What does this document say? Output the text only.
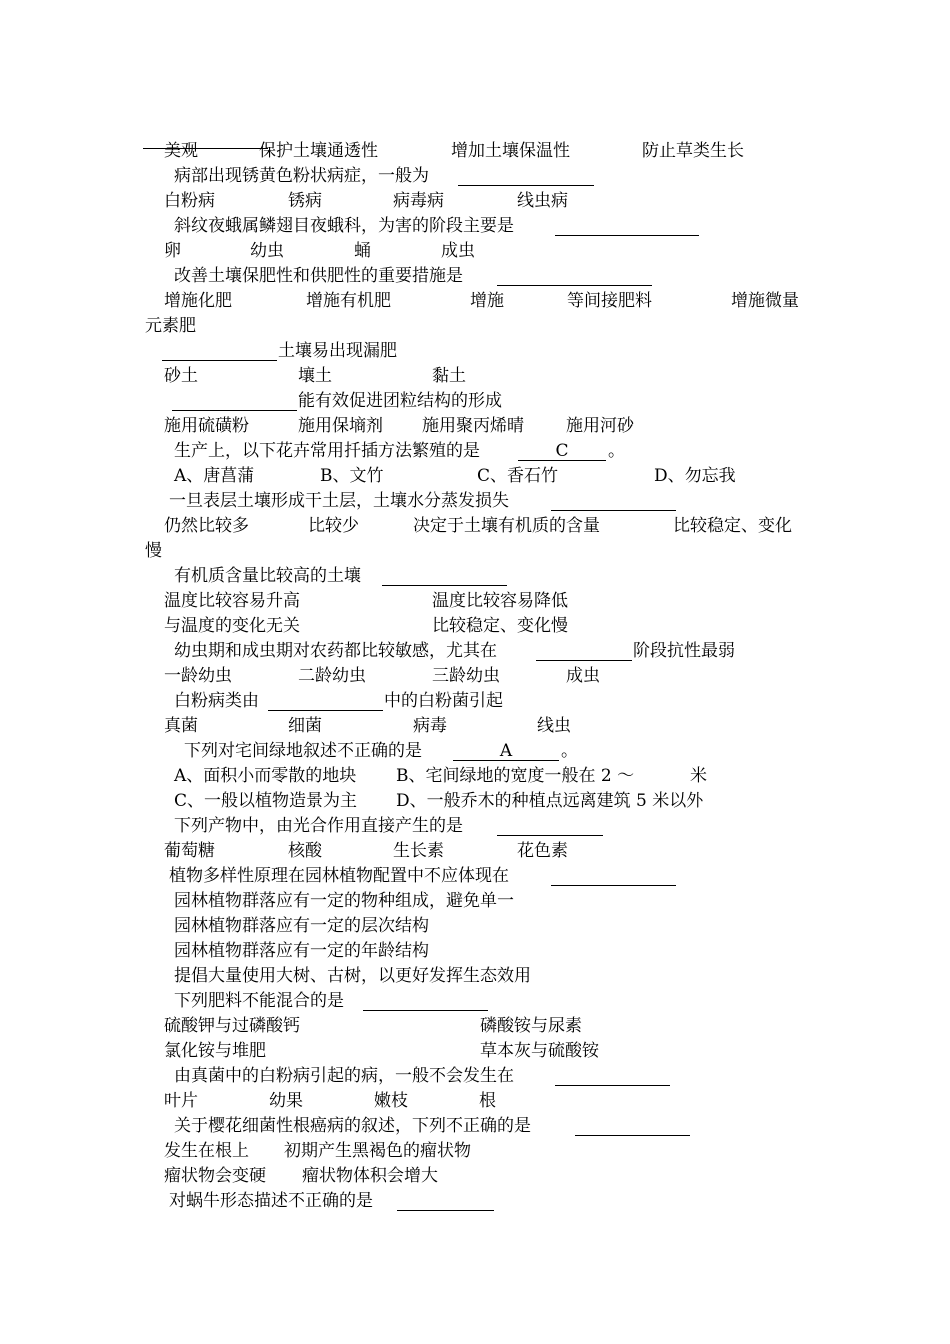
美观	保护土壤通透性	增加土壤保温性	防止草类生长
病部出现锈黄色粉状病症，一般为
白粉病	锈病	病毒病	线虫病
斜纹夜蛾属鳞翅目夜蛾科，为害的阶段主要是
卵	幼虫	蛹	成虫
改善土壤保肥性和供肥性的重要措施是
增施化肥	增施有机肥	增施	等间接肥料	增施微量
元素肥
土壤易出现漏肥
砂土	壤土	黏土
能有效促进团粒结构的形成
施用硫磺粉	施用保墒剂 施用聚丙烯晴 施用河砂
生产上，以下花卉常用扦插方法繁殖的是	C	。
A、唐菖蒲	B、文竹	C、香石竹	D、勿忘我
一旦表层土壤形成干土层，土壤水分蒸发损失
仍然比较多	比较少	决定于土壤有机质的含量	比较稳定、变化
慢
有机质含量比较高的土壤
温度比较容易升高	温度比较容易降低
与温度的变化无关	比较稳定、变化慢
幼虫期和成虫期对农药都比较敏感，尤其在	阶段抗性最弱
一龄幼虫	二龄幼虫	三龄幼虫	成虫
白粉病类由	中的白粉菌引起
真菌	细菌	病毒	线虫
下列对宅间绿地叙述不正确的是	A	。
A、面积小而零散的地块 B、宅间绿地的宽度一般在 2 ～	米
C、一般以植物造景为主 D、一般乔木的种植点远离建筑 5 米以外
下列产物中，由光合作用直接产生的是
葡萄糖	核酸	生长素	花色素
植物多样性原理在园林植物配置中不应体现在
园林植物群落应有一定的物种组成，避免单一
园林植物群落应有一定的层次结构
园林植物群落应有一定的年龄结构
提倡大量使用大树、古树，以更好发挥生态效用
下列肥料不能混合的是
硫酸钾与过磷酸钙	磷酸铵与尿素
氯化铵与堆肥	草本灰与硫酸铵
由真菌中的白粉病引起的病，一般不会发生在
叶片	幼果	嫩枝	根
关于樱花细菌性根癌病的叙述，下列不正确的是
发生在根上 初期产生黑褐色的瘤状物
瘤状物会变硬 瘤状物体积会增大
对蜗牛形态描述不正确的是
